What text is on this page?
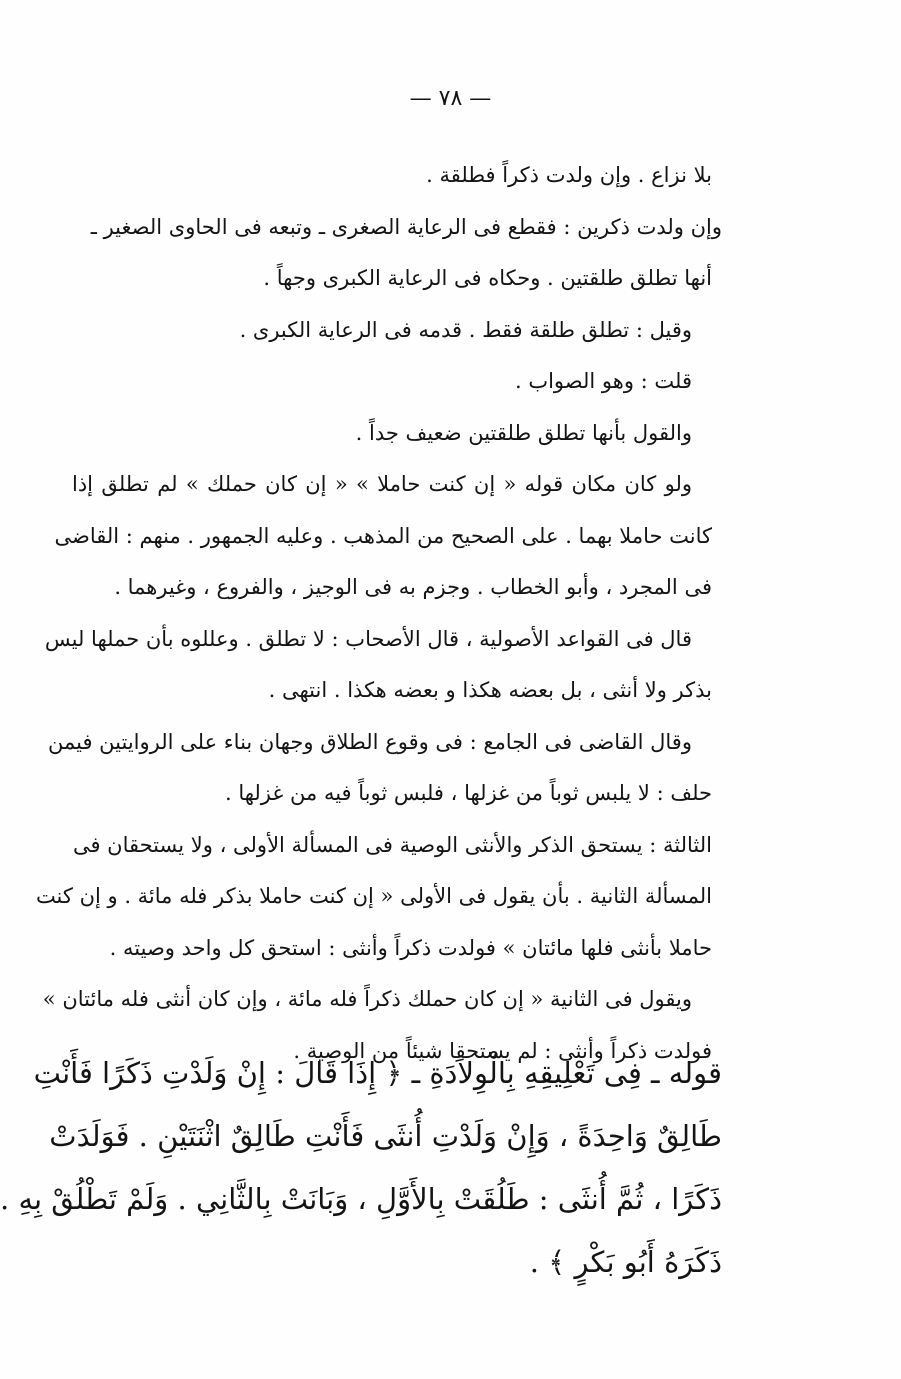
— ٧٨ —
بلا نزاع . وإن ولدت ذكراً فطلقة .
وإن ولدت ذكرين : فقطع فى الرعاية الصغرى ـ وتبعه فى الحاوى الصغير ـ
أنها تطلق طلقتين . وحكاه فى الرعاية الكبرى وجهاً .
وقيل : تطلق طلقة فقط . قدمه فى الرعاية الكبرى .
قلت : وهو الصواب .
والقول بأنها تطلق طلقتين ضعيف جداً .
ولو كان مكان قوله « إن كنت حاملا » « إن كان حملك » لم تطلق إذا
كانت حاملا بهما . على الصحيح من المذهب . وعليه الجمهور . منهم : القاضى
فى المجرد ، وأبو الخطاب . وجزم به فى الوجيز ، والفروع ، وغيرهما .
قال فى القواعد الأصولية ، قال الأصحاب : لا تطلق . وعللوه بأن حملها ليس
بذكر ولا أنثى ، بل بعضه هكذا و بعضه هكذا . انتهى .
وقال القاضى فى الجامع : فى وقوع الطلاق وجهان بناء على الروايتين فيمن
حلف : لا يلبس ثوباً من غزلها ، فلبس ثوباً فيه من غزلها .
الثالثة : يستحق الذكر والأنثى الوصية فى المسألة الأولى ، ولا يستحقان فى
المسألة الثانية . بأن يقول فى الأولى « إن كنت حاملا بذكر فله مائة . و إن كنت
حاملا بأنثى فلها مائتان » فولدت ذكراً وأنثى : استحق كل واحد وصيته .
ويقول فى الثانية « إن كان حملك ذكراً فله مائة ، وإن كان أنثى فله مائتان »
فولدت ذكراً وأنثى : لم يستحقا شيئاً من الوصية .
قوله ـ فِى تَعْلِيقِهِ بِالْوِلاَدَةِ ـ ﴿ إِذَا قَالَ : إِنْ وَلَدْتِ ذَكَرًا فَأَنْتِ
طَالِقٌ وَاحِدَةً ، وَإِنْ وَلَدْتِ أُنثَى فَأَنْتِ طَالِقٌ اثْنَتَيْنِ . فَوَلَدَتْ
ذَكَرًا ، ثُمَّ أُنثَى : طَلُقَتْ بِالأَوَّلِ ، وَبَانَتْ بِالثَّانِي . وَلَمْ تَطْلُقْ بِهِ .
ذَكَرَهُ أَبُو بَكْرٍ ﴾ .
